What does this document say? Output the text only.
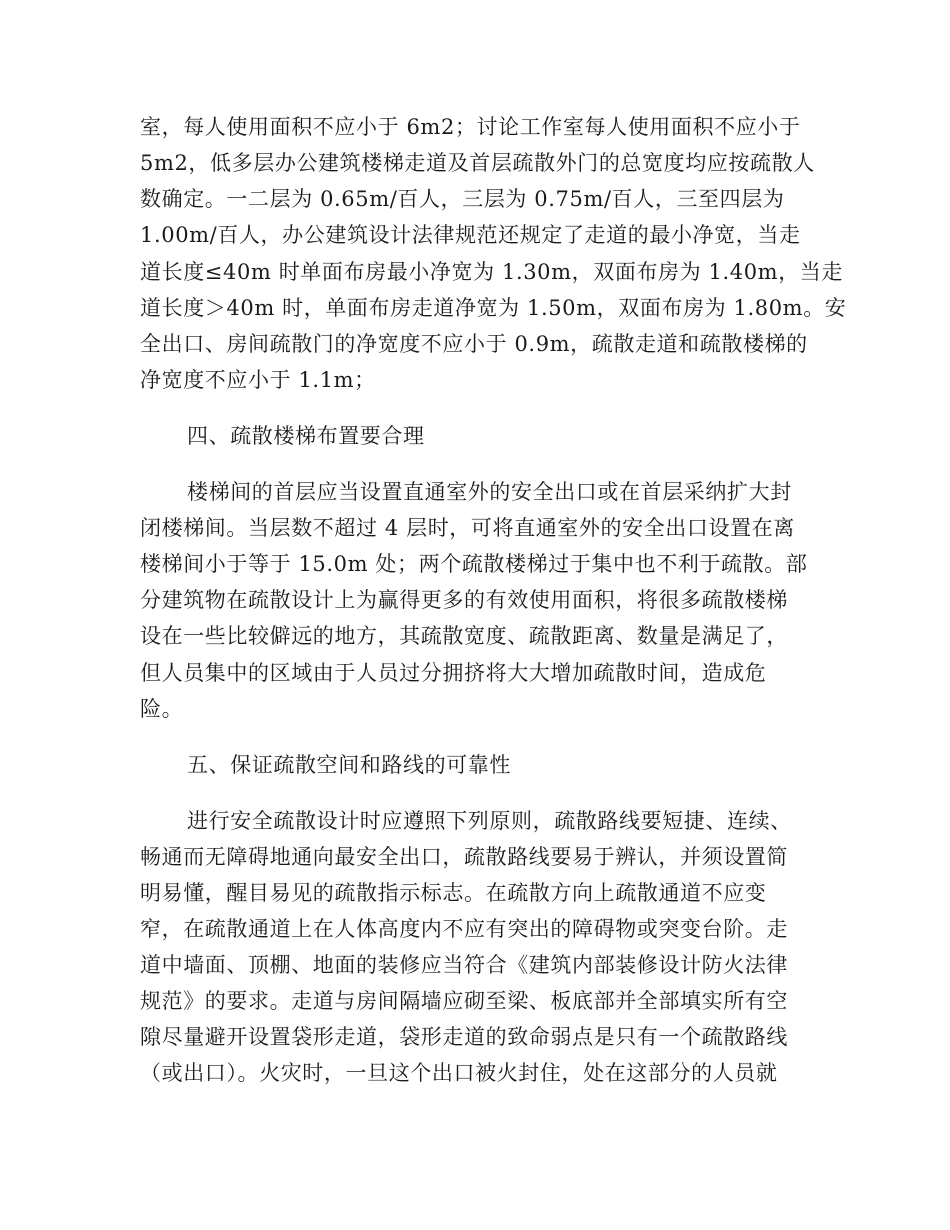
室，每人使用面积不应小于 6m2；讨论工作室每人使用面积不应小于
5m2，低多层办公建筑楼梯走道及首层疏散外门的总宽度均应按疏散人
数确定。一二层为 0.65m/百人，三层为 0.75m/百人，三至四层为
1.00m/百人，办公建筑设计法律规范还规定了走道的最小净宽，当走
道长度≤40m 时单面布房最小净宽为 1.30m，双面布房为 1.40m，当走
道长度＞40m 时，单面布房走道净宽为 1.50m，双面布房为 1.80m。安
全出口、房间疏散门的净宽度不应小于 0.9m，疏散走道和疏散楼梯的
净宽度不应小于 1.1m；
四、疏散楼梯布置要合理
楼梯间的首层应当设置直通室外的安全出口或在首层采纳扩大封
闭楼梯间。当层数不超过 4 层时，可将直通室外的安全出口设置在离
楼梯间小于等于 15.0m 处；两个疏散楼梯过于集中也不利于疏散。部
分建筑物在疏散设计上为赢得更多的有效使用面积，将很多疏散楼梯
设在一些比较僻远的地方，其疏散宽度、疏散距离、数量是满足了，
但人员集中的区域由于人员过分拥挤将大大增加疏散时间，造成危
险。
五、保证疏散空间和路线的可靠性
进行安全疏散设计时应遵照下列原则，疏散路线要短捷、连续、
畅通而无障碍地通向最安全出口，疏散路线要易于辨认，并须设置简
明易懂，醒目易见的疏散指示标志。在疏散方向上疏散通道不应变
窄，在疏散通道上在人体高度内不应有突出的障碍物或突变台阶。走
道中墙面、顶棚、地面的装修应当符合《建筑内部装修设计防火法律
规范》的要求。走道与房间隔墙应砌至梁、板底部并全部填实所有空
隙尽量避开设置袋形走道，袋形走道的致命弱点是只有一个疏散路线
（或出口）。火灾时，一旦这个出口被火封住，处在这部分的人员就
